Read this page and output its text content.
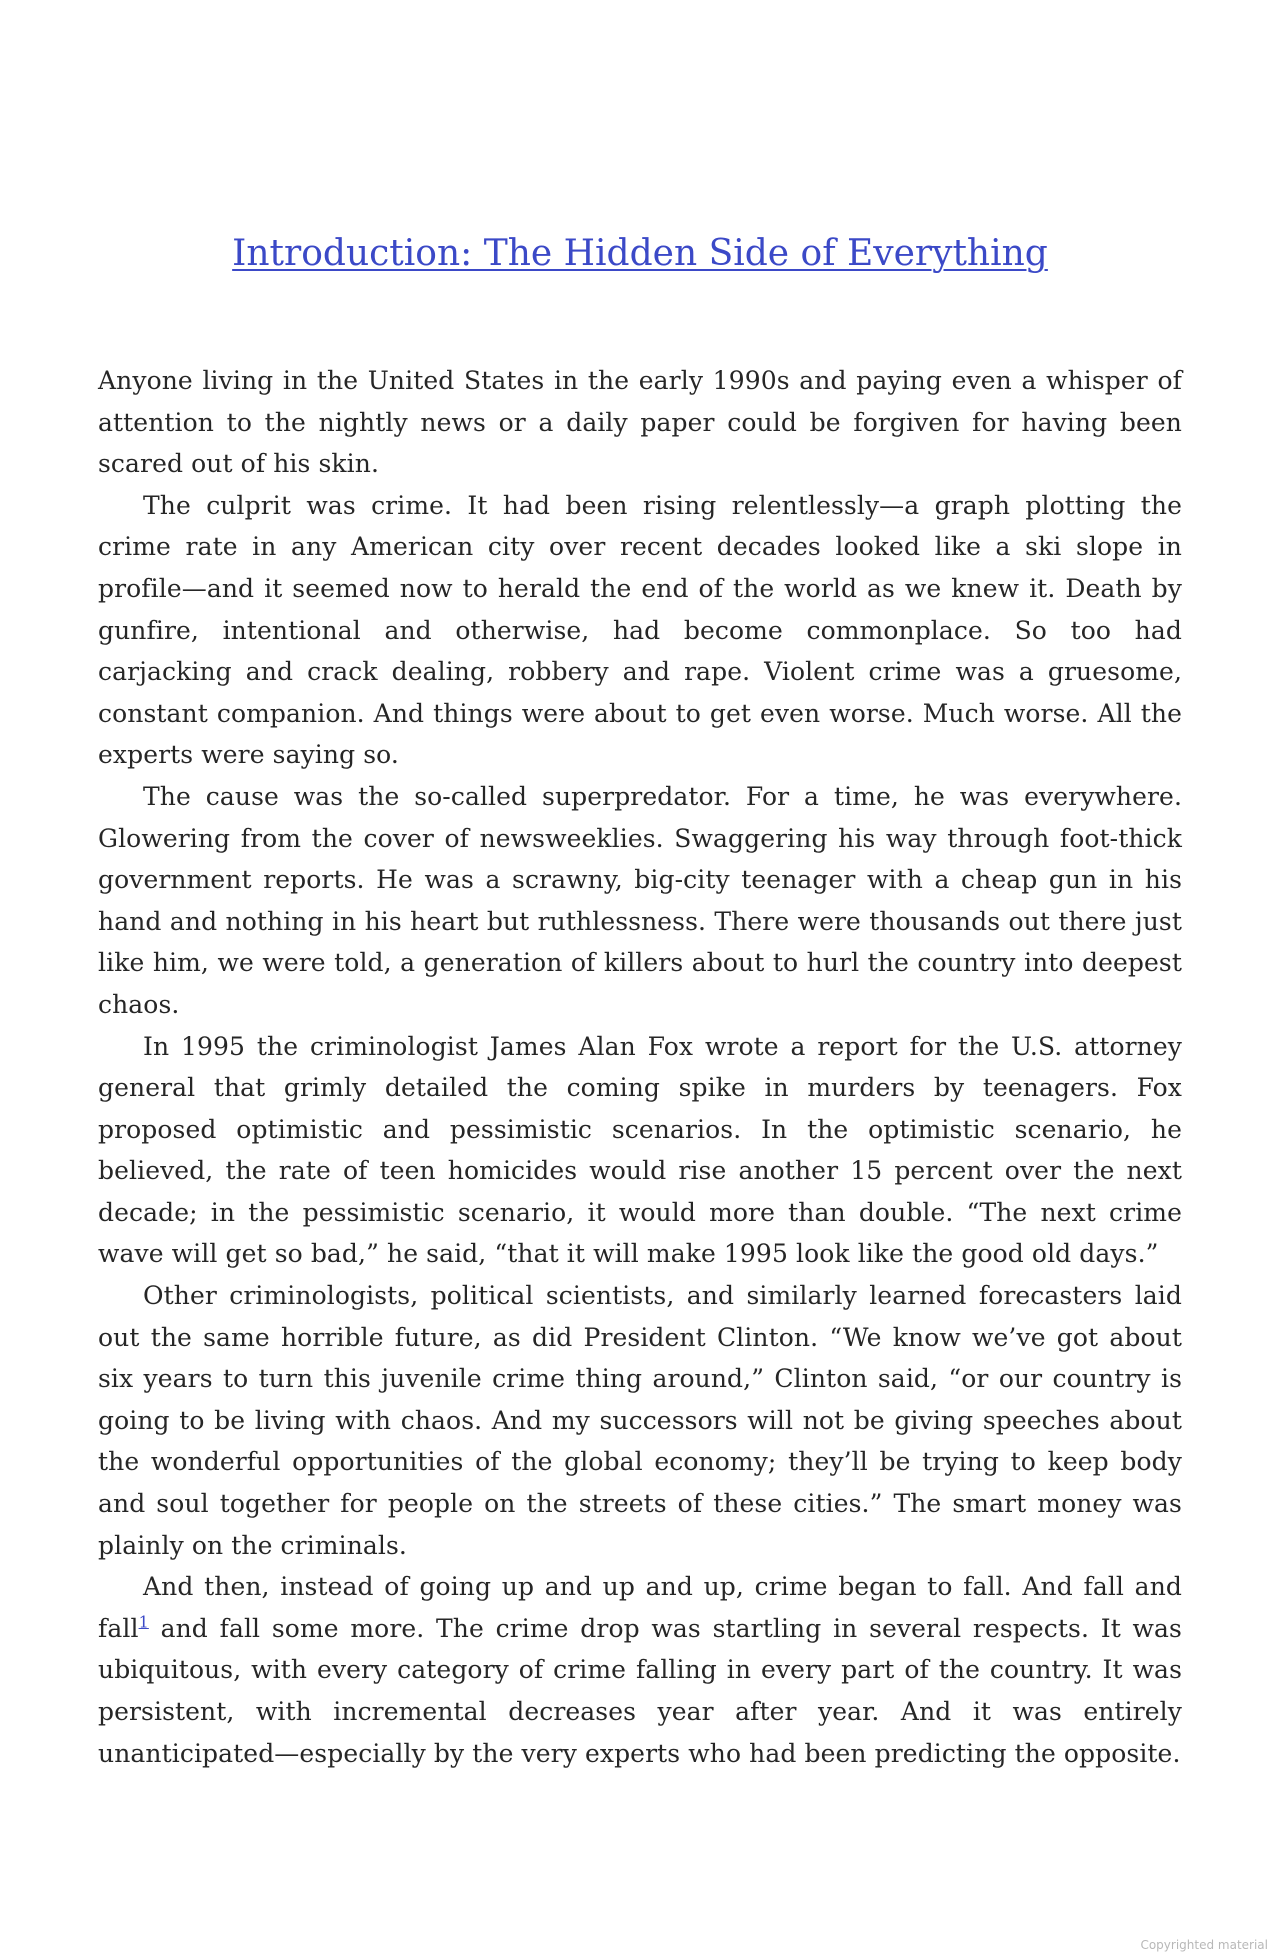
Introduction: The Hidden Side of Everything

Anyone living in the United States in the early 1990s and paying even a whisper of attention to the nightly news or a daily paper could be forgiven for having been scared out of his skin.

The culprit was crime. It had been rising relentlessly—a graph plotting the crime rate in any American city over recent decades looked like a ski slope in profile—and it seemed now to herald the end of the world as we knew it. Death by gunfire, intentional and otherwise, had become commonplace. So too had carjacking and crack dealing, robbery and rape. Violent crime was a gruesome, constant companion. And things were about to get even worse. Much worse. All the experts were saying so.

The cause was the so-called superpredator. For a time, he was everywhere. Glowering from the cover of newsweeklies. Swaggering his way through foot-thick government reports. He was a scrawny, big-city teenager with a cheap gun in his hand and nothing in his heart but ruthlessness. There were thousands out there just like him, we were told, a generation of killers about to hurl the country into deepest chaos.

In 1995 the criminologist James Alan Fox wrote a report for the U.S. attorney general that grimly detailed the coming spike in murders by teenagers. Fox proposed optimistic and pessimistic scenarios. In the optimistic scenario, he believed, the rate of teen homicides would rise another 15 percent over the next decade; in the pessimistic scenario, it would more than double. “The next crime wave will get so bad,” he said, “that it will make 1995 look like the good old days.”

Other criminologists, political scientists, and similarly learned forecasters laid out the same horrible future, as did President Clinton. “We know we’ve got about six years to turn this juvenile crime thing around,” Clinton said, “or our country is going to be living with chaos. And my successors will not be giving speeches about the wonderful opportunities of the global economy; they’ll be trying to keep body and soul together for people on the streets of these cities.” The smart money was plainly on the criminals.

And then, instead of going up and up and up, crime began to fall. And fall and fall$^1$ and fall some more. The crime drop was startling in several respects. It was ubiquitous, with every category of crime falling in every part of the country. It was persistent, with incremental decreases year after year. And it was entirely unanticipated—especially by the very experts who had been predicting the opposite.

Copyrighted material
